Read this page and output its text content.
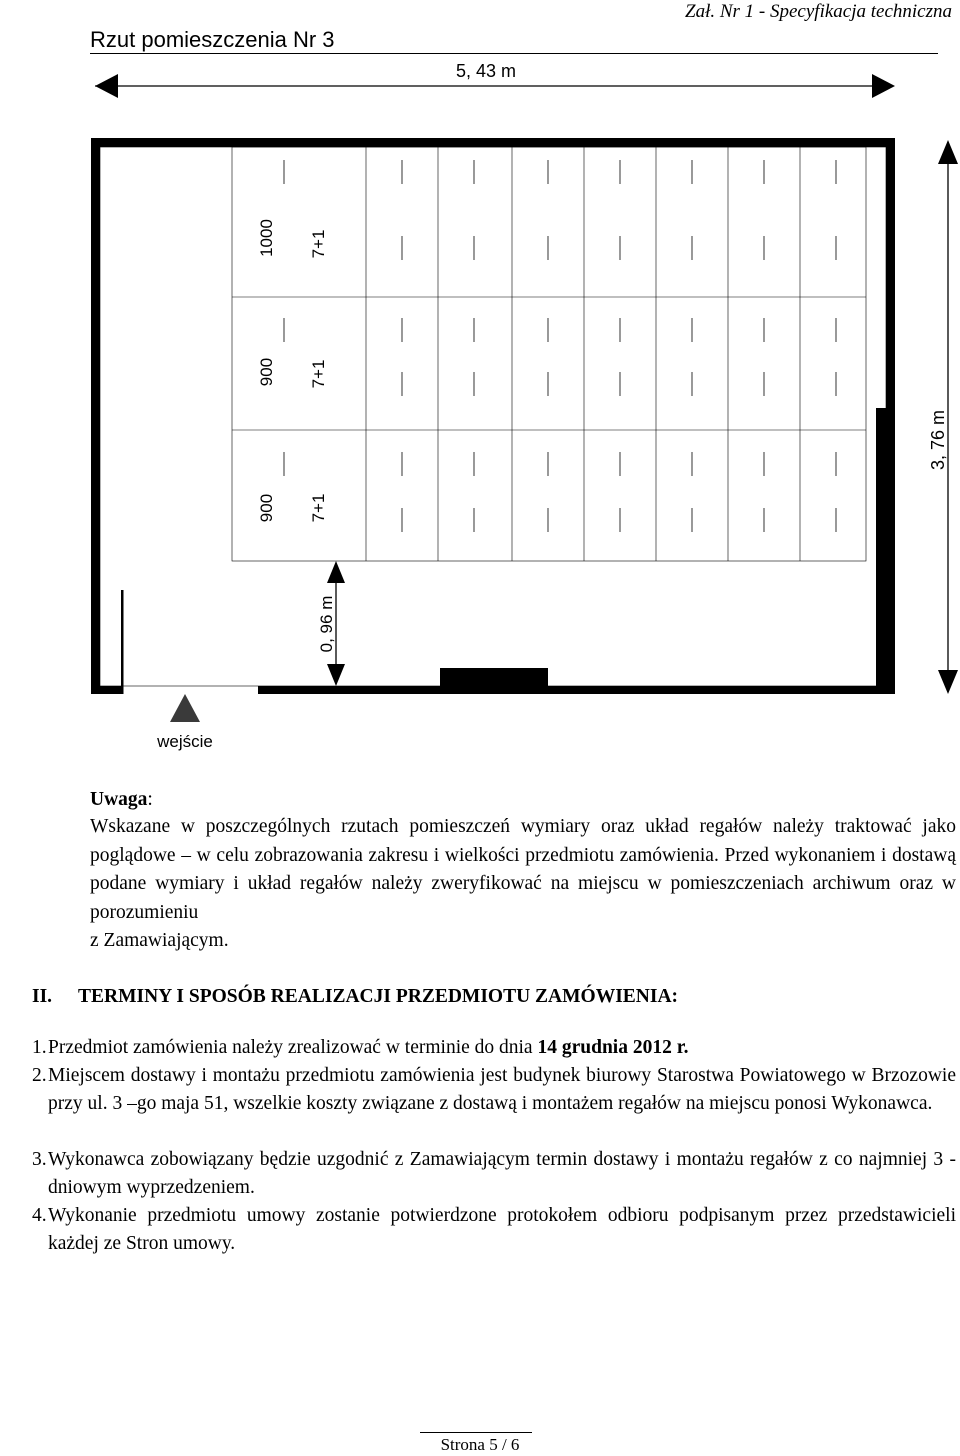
Zał. Nr 1 - Specyfikacja techniczna
Rzut pomieszczenia Nr 3
5, 43 m
3, 76 m
1000 7+1
900 7+1
900 7+1
0, 96 m
wejście
Uwaga:
Wskazane w poszczególnych rzutach pomieszczeń wymiary oraz układ regałów należy traktować jako poglądowe – w celu zobrazowania zakresu i wielkości przedmiotu zamówienia. Przed wykonaniem i dostawą podane wymiary i układ regałów należy zweryfikować na miejscu w pomieszczeniach archiwum oraz w porozumieniu
z Zamawiającym.
II. TERMINY I SPOSÓB REALIZACJI PRZEDMIOTU ZAMÓWIENIA:
1. Przedmiot zamówienia należy zrealizować w terminie do dnia 14 grudnia 2012 r.
2. Miejscem dostawy i montażu przedmiotu zamówienia jest budynek biurowy Starostwa Powiatowego w Brzozowie przy ul. 3 –go maja 51, wszelkie koszty związane z dostawą i montażem regałów na miejscu ponosi Wykonawca.
3. Wykonawca zobowiązany będzie uzgodnić z Zamawiającym termin dostawy i montażu regałów z co najmniej 3 - dniowym wyprzedzeniem.
4. Wykonanie przedmiotu umowy zostanie potwierdzone protokołem odbioru podpisanym przez przedstawicieli każdej ze Stron umowy.
Strona 5 / 6
